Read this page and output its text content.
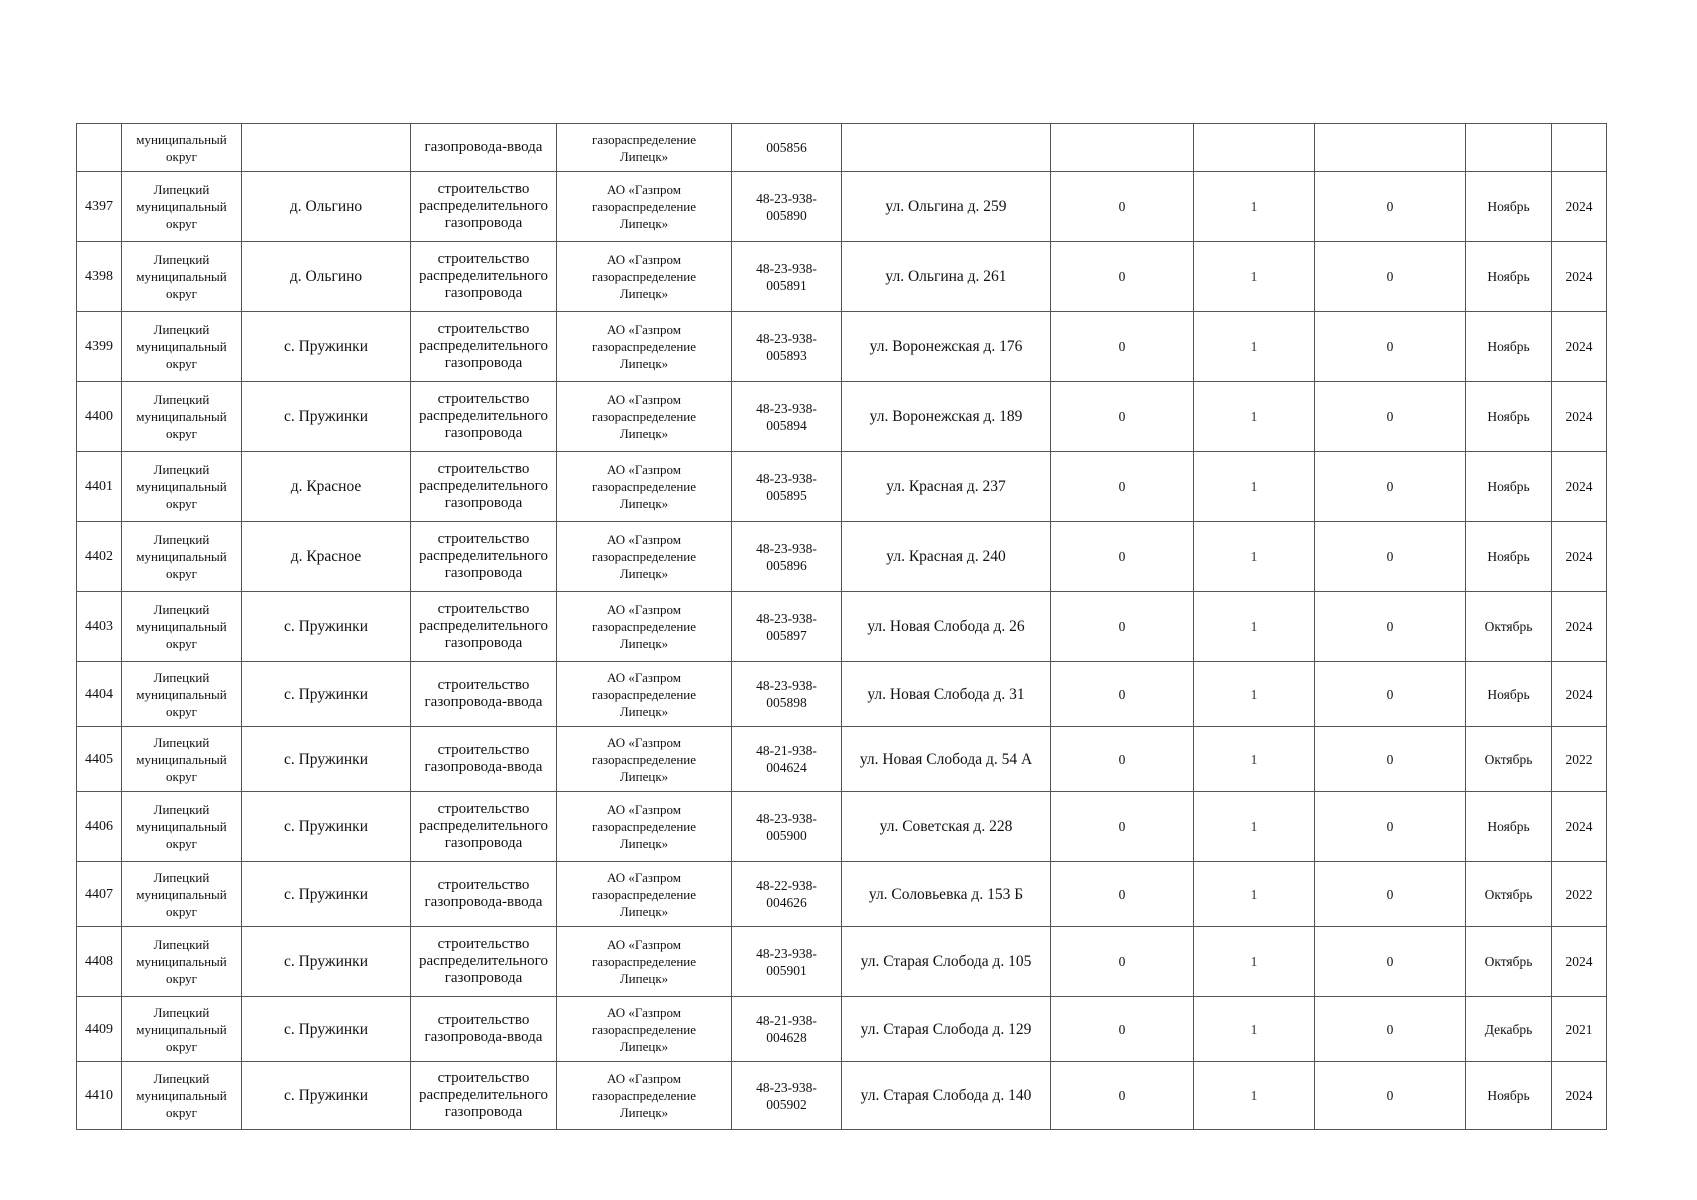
	муниципальный
округ		газопровода-ввода	газораспределение
Липецк»	005856						

4397	Липецкий
муниципальный
округ	д. Ольгино	строительство
распределительного
газопровода	АО «Газпром
газораспределение
Липецк»	48-23-938-
005890	ул. Ольгина д. 259	0	1	0	Ноябрь	2024

4398	Липецкий
муниципальный
округ	д. Ольгино	строительство
распределительного
газопровода	АО «Газпром
газораспределение
Липецк»	48-23-938-
005891	ул. Ольгина д. 261	0	1	0	Ноябрь	2024

4399	Липецкий
муниципальный
округ	с. Пружинки	строительство
распределительного
газопровода	АО «Газпром
газораспределение
Липецк»	48-23-938-
005893	ул. Воронежская д. 176	0	1	0	Ноябрь	2024

4400	Липецкий
муниципальный
округ	с. Пружинки	строительство
распределительного
газопровода	АО «Газпром
газораспределение
Липецк»	48-23-938-
005894	ул. Воронежская д. 189	0	1	0	Ноябрь	2024

4401	Липецкий
муниципальный
округ	д. Красное	строительство
распределительного
газопровода	АО «Газпром
газораспределение
Липецк»	48-23-938-
005895	ул. Красная д. 237	0	1	0	Ноябрь	2024

4402	Липецкий
муниципальный
округ	д. Красное	строительство
распределительного
газопровода	АО «Газпром
газораспределение
Липецк»	48-23-938-
005896	ул. Красная д. 240	0	1	0	Ноябрь	2024

4403	Липецкий
муниципальный
округ	с. Пружинки	строительство
распределительного
газопровода	АО «Газпром
газораспределение
Липецк»	48-23-938-
005897	ул. Новая Слобода д. 26	0	1	0	Октябрь	2024

4404	Липецкий
муниципальный
округ	с. Пружинки	строительство
газопровода-ввода	АО «Газпром
газораспределение
Липецк»	48-23-938-
005898	ул. Новая Слобода д. 31	0	1	0	Ноябрь	2024

4405	Липецкий
муниципальный
округ	с. Пружинки	строительство
газопровода-ввода	АО «Газпром
газораспределение
Липецк»	48-21-938-
004624	ул. Новая Слобода д. 54 А	0	1	0	Октябрь	2022

4406	Липецкий
муниципальный
округ	с. Пружинки	строительство
распределительного
газопровода	АО «Газпром
газораспределение
Липецк»	48-23-938-
005900	ул. Советская д. 228	0	1	0	Ноябрь	2024

4407	Липецкий
муниципальный
округ	с. Пружинки	строительство
газопровода-ввода	АО «Газпром
газораспределение
Липецк»	48-22-938-
004626	ул. Соловьевка д. 153 Б	0	1	0	Октябрь	2022

4408	Липецкий
муниципальный
округ	с. Пружинки	строительство
распределительного
газопровода	АО «Газпром
газораспределение
Липецк»	48-23-938-
005901	ул. Старая Слобода д. 105	0	1	0	Октябрь	2024

4409	Липецкий
муниципальный
округ	с. Пружинки	строительство
газопровода-ввода	АО «Газпром
газораспределение
Липецк»	48-21-938-
004628	ул. Старая Слобода д. 129	0	1	0	Декабрь	2021

4410	Липецкий
муниципальный
округ	с. Пружинки	строительство
распределительного
газопровода	АО «Газпром
газораспределение
Липецк»	48-23-938-
005902	ул. Старая Слобода д. 140	0	1	0	Ноябрь	2024
